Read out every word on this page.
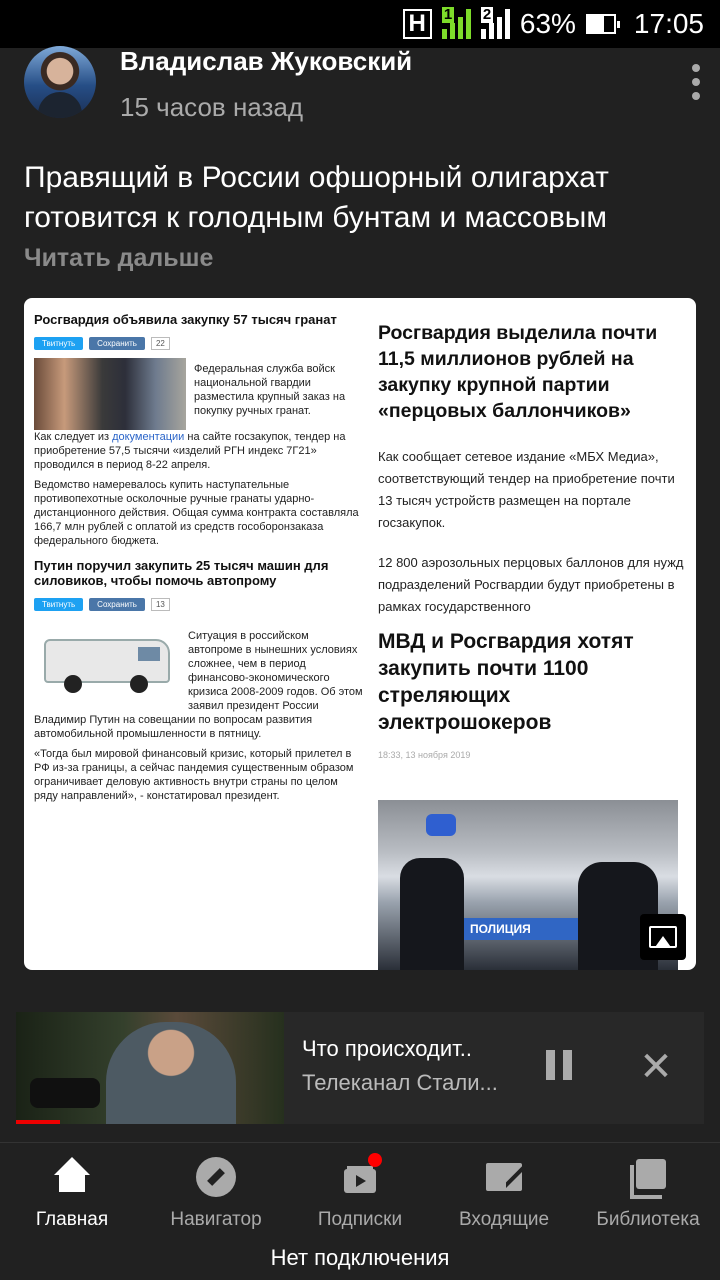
H	1 2 63% 17:05
Владислав Жуковский
15 часов назад
Правящий в России офшорный олигархат готовится к голодным бунтам и массовым
Читать дальше
Росгвардия объявила закупку 57 тысяч гранат
Твитнуть	Сохранить	22
Федеральная служба войск национальной гвардии разместила крупный заказ на покупку ручных гранат.
Как следует из документации на сайте госзакупок, тендер на приобретение 57,5 тысячи «изделий РГН индекс 7Г21» проводился в период 8-22 апреля.
Ведомство намеревалось купить наступательные противопехотные осколочные ручные гранаты ударно-дистанционного действия. Общая сумма контракта составляла 166,7 млн рублей с оплатой из средств гособоронзаказа федерального бюджета.
Путин поручил закупить 25 тысяч машин для силовиков, чтобы помочь автопрому
Твитнуть	Сохранить	13
Ситуация в российском автопроме в нынешних условиях сложнее, чем в период финансово-экономического кризиса 2008-2009 годов. Об этом заявил президент России Владимир Путин на совещании по вопросам развития автомобильной промышленности в пятницу.
«Тогда был мировой финансовый кризис, который прилетел в РФ из-за границы, а сейчас пандемия существенным образом ограничивает деловую активность внутри страны по целом ряду направлений», - констатировал президент.
Росгвардия выделила почти 11,5 миллионов рублей на закупку крупной партии «перцовых баллончиков»
Как сообщает сетевое издание «МБХ Медиа», соответствующий тендер на приобретение почти 13 тысяч устройств размещен на портале госзакупок.
12 800 аэрозольных перцовых баллонов для нужд подразделений Росгвардии будут приобретены в рамках государственного
МВД и Росгвардия хотят закупить почти 1100 стреляющих электрошокеров
18:33, 13 ноября 2019
ПОЛИЦИЯ
Что происходит..
Телеканал Стали...	✕
Главная	Навигатор	Подписки	Входящие Библиотека
Нет подключения
